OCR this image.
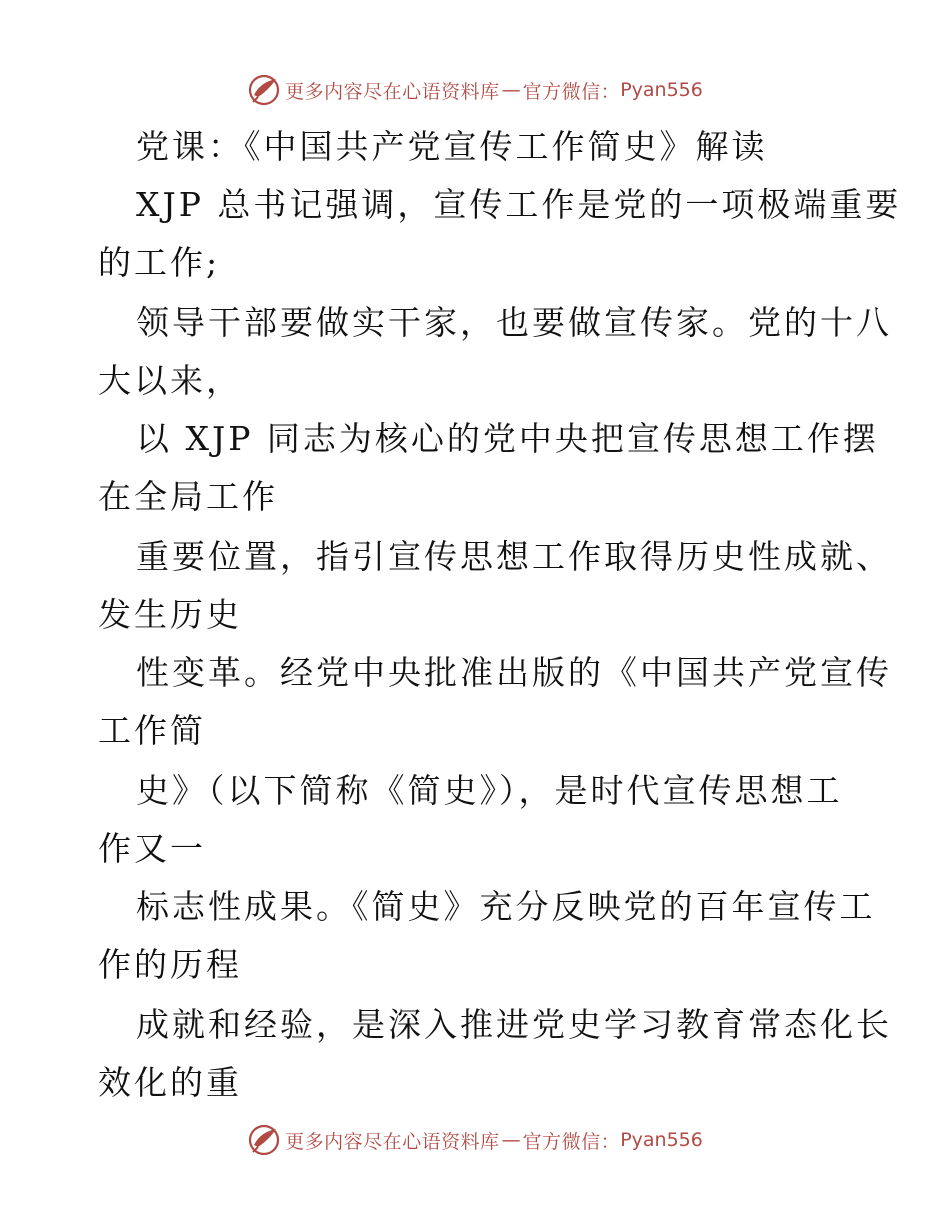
更多内容尽在心语资料库 — 官方微信： Pyan556
党课：《中国共产党宣传工作简史》解读
XJP 总书记强调，宣传工作是党的一项极端重要
的工作;
领导干部要做实干家，也要做宣传家。党的十八
大以来，
以 XJP 同志为核心的党中央把宣传思想工作摆
在全局工作
重要位置，指引宣传思想工作取得历史性成就、
发生历史
性变革。经党中央批准出版的《中国共产党宣传
工作简
史》（以下简称《简史》），是时代宣传思想工
作又一
标志性成果。《简史》充分反映党的百年宣传工
作的历程
成就和经验，是深入推进党史学习教育常态化长
效化的重
更多内容尽在心语资料库 — 官方微信： Pyan556
